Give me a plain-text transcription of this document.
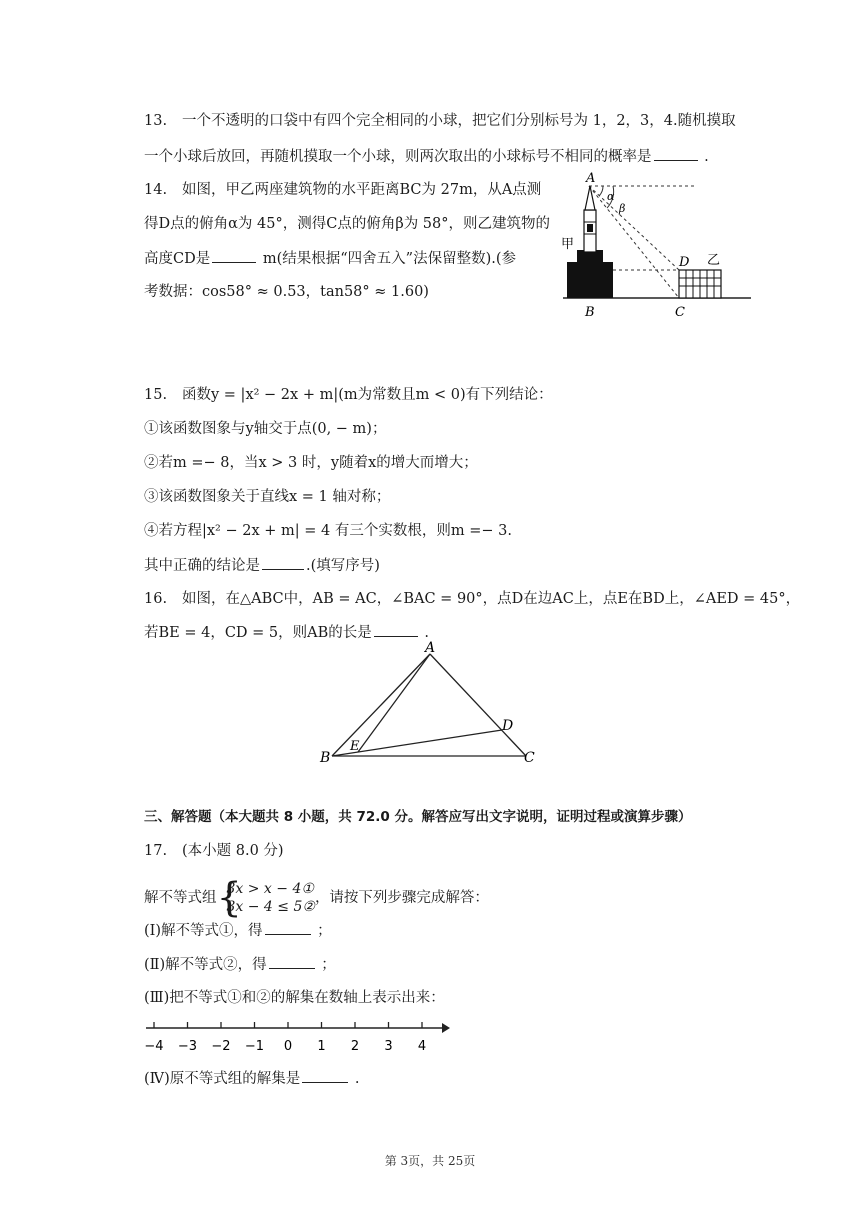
13. 一个不透明的口袋中有四个完全相同的小球，把它们分别标号为 1，2，3，4.随机摸取
一个小球后放回，再随机摸取一个小球，则两次取出的小球标号不相同的概率是	.
14. 如图，甲乙两座建筑物的水平距离BC为 27m，从A点测
得D点的俯角α为 45°，测得C点的俯角β为 58°，则乙建筑物的
高度CD是	m(结果根据“四舍五入”法保留整数).(参
考数据：cos58° ≈ 0.53，tan58° ≈ 1.60)
A
α
β
甲
D 乙
B	C
15. 函数y = |x² − 2x + m|(m为常数且m < 0)有下列结论：
①该函数图象与y轴交于点(0, − m)；
②若m =− 8，当x > 3 时，y随着x的增大而增大；
③该函数图象关于直线x = 1 轴对称；
④若方程|x² − 2x + m| = 4 有三个实数根，则m =− 3.
其中正确的结论是	.(填写序号)
16. 如图，在△ABC中，AB = AC，∠BAC = 90°，点D在边AC上，点E在BD上，∠AED = 45°，
若BE = 4，CD = 5，则AB的长是	.
A
B	C
D
E
三、解答题（本大题共 8 小题，共 72.0 分。解答应写出文字说明，证明过程或演算步骤）
17. (本小题 8.0 分)
解不等式组 {
3x > x − 4①
3x − 4 ≤ 5②
，请按下列步骤完成解答：
(Ⅰ)解不等式①，得	；
(Ⅱ)解不等式②，得	；
(Ⅲ)把不等式①和②的解集在数轴上表示出来：
−4 −3 −2 −1 0 1 2 3 4
(Ⅳ)原不等式组的解集是	.
第 3页，共 25页
